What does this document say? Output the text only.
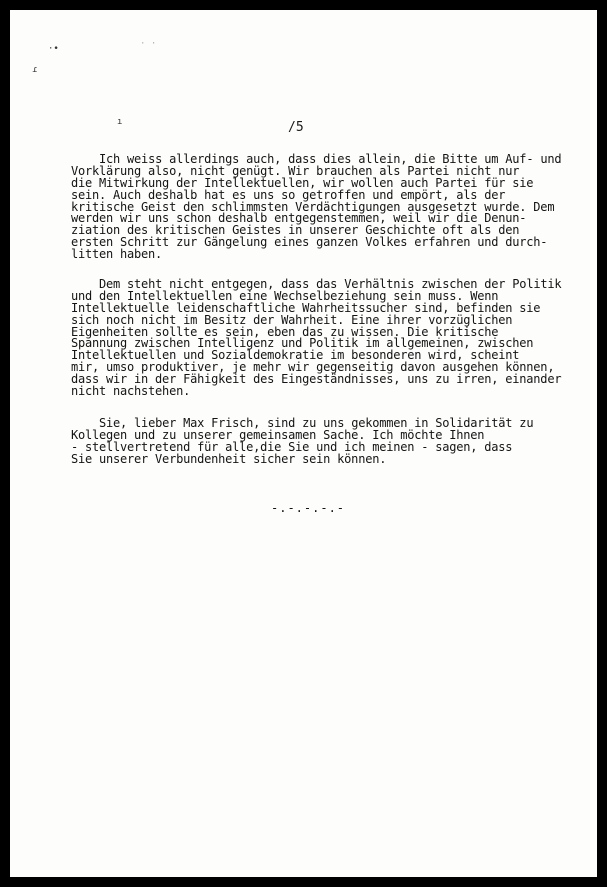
·•	· ·
ɾ
ı	/5

Ich weiss allerdings auch, dass dies allein, die Bitte um Auf- und
Vorklärung also, nicht genügt. Wir brauchen als Partei nicht nur
die Mitwirkung der Intellektuellen, wir wollen auch Partei für sie
sein. Auch deshalb hat es uns so getroffen und empört, als der
kritische Geist den schlimmsten Verdächtigungen ausgesetzt wurde. Dem
werden wir uns schon deshalb entgegenstemmen, weil wir die Denun-
ziation des kritischen Geistes in unserer Geschichte oft als den
ersten Schritt zur Gängelung eines ganzen Volkes erfahren und durch-
litten haben.

Dem steht nicht entgegen, dass das Verhältnis zwischen der Politik
und den Intellektuellen eine Wechselbeziehung sein muss. Wenn
Intellektuelle leidenschaftliche Wahrheitssucher sind, befinden sie
sich noch nicht im Besitz der Wahrheit. Eine ihrer vorzüglichen
Eigenheiten sollte es sein, eben das zu wissen. Die kritische
Spannung zwischen Intelligenz und Politik im allgemeinen, zwischen
Intellektuellen und Sozialdemokratie im besonderen wird, scheint
mir, umso produktiver, je mehr wir gegenseitig davon ausgehen können,
dass wir in der Fähigkeit des Eingeständnisses, uns zu irren, einander
nicht nachstehen.

Sie, lieber Max Frisch, sind zu uns gekommen in Solidarität zu
Kollegen und zu unserer gemeinsamen Sache. Ich möchte Ihnen
- stellvertretend für alle,die Sie und ich meinen - sagen, dass
Sie unserer Verbundenheit sicher sein können.

-.-.-.-.-
